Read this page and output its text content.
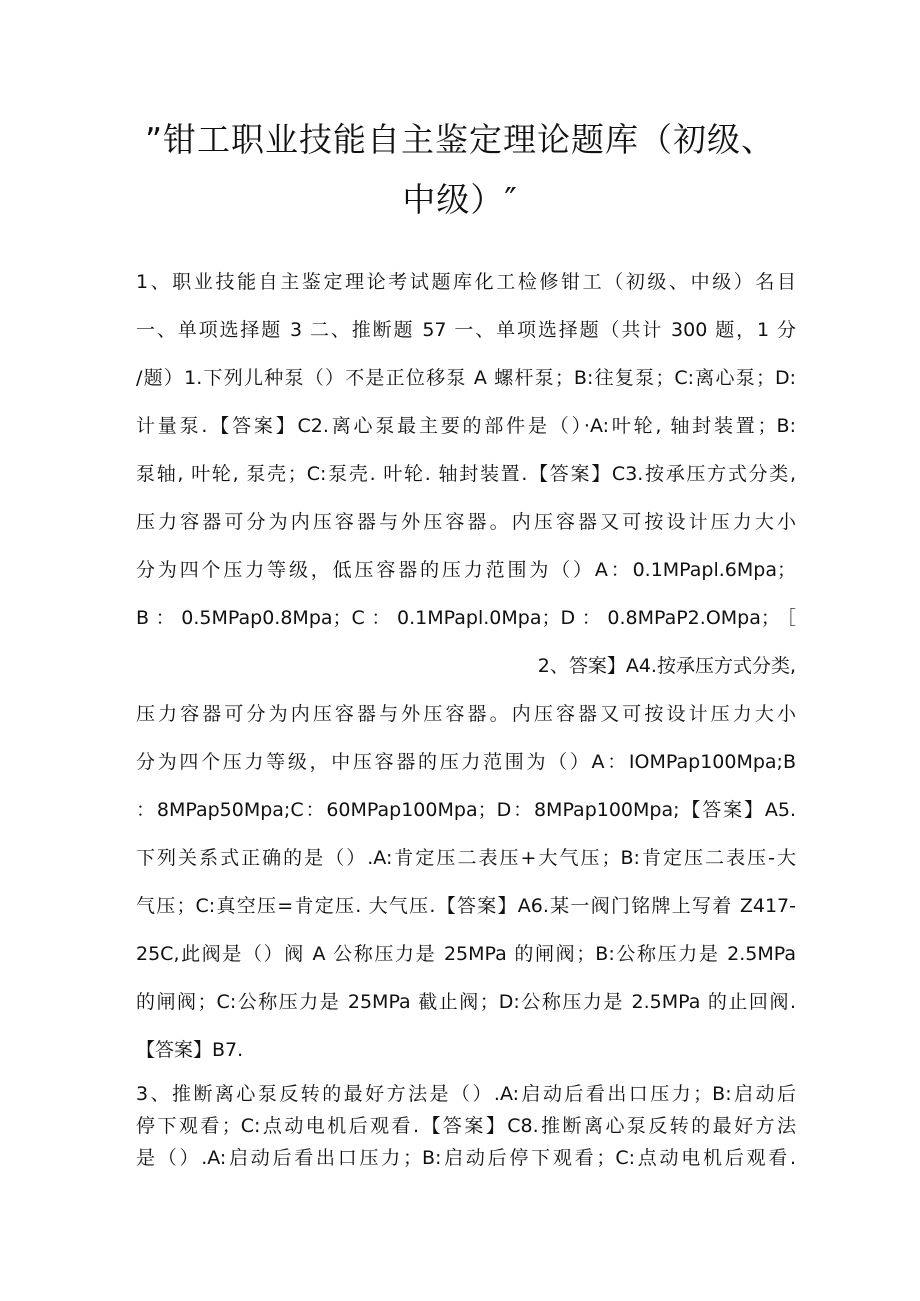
”钳工职业技能自主鉴定理论题库（初级、
中级）″
1、职业技能自主鉴定理论考试题库化工检修钳工（初级、中级）名目
一、单项选择题 3 二、推断题 57 一、单项选择题（共计 300 题，1 分
/题）1.下列儿种泵（）不是正位移泵 A 螺杆泵；B:往复泵；C:离心泵；D:
计量泵.【答案】C2.离心泵最主要的部件是（）·A:叶轮, 轴封装置；B:
泵轴, 叶轮, 泵壳；C:泵壳. 叶轮. 轴封装置.【答案】C3.按承压方式分类,
压力容器可分为内压容器与外压容器。内压容器又可按设计压力大小
分为四个压力等级，低压容器的压力范围为（）A：0.1MPapl.6Mpa；
B：0.5MPap0.8Mpa；C：0.1MPapl.0Mpa；D：0.8MPaP2.OMpa；［
2、答案】A4.按承压方式分类,
压力容器可分为内压容器与外压容器。内压容器又可按设计压力大小
分为四个压力等级，中压容器的压力范围为（）A：IOMPap100Mpa;B
：8MPap50Mpa;C：60MPap100Mpa；D：8MPap100Mpa;【答案】A5.
下列关系式正确的是（）.A:肯定压二表压+大气压；B:肯定压二表压-大
气压；C:真空压=肯定压. 大气压.【答案】A6.某一阀门铭牌上写着 Z417-
25C,此阀是（）阀 A 公称压力是 25MPa 的闸阀；B:公称压力是 2.5MPa
的闸阀；C:公称压力是 25MPa 截止阀；D:公称压力是 2.5MPa 的止回阀.
【答案】B7.
3、推断离心泵反转的最好方法是（）.A:启动后看出口压力；B:启动后
停下观看；C:点动电机后观看.【答案】C8.推断离心泵反转的最好方法
是（）.A:启动后看出口压力；B:启动后停下观看；C:点动电机后观看.
